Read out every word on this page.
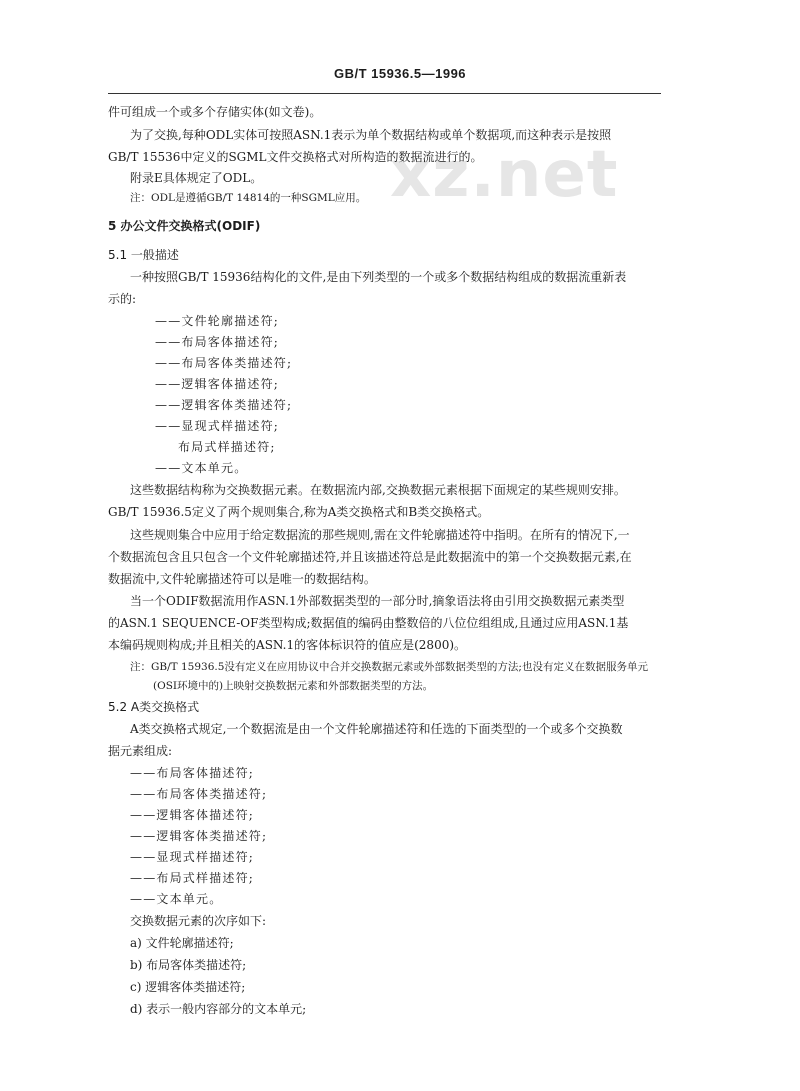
xz.net
GB/T 15936.5—1996
件可组成一个或多个存储实体(如文卷)。
为了交换,每种ODL实体可按照ASN.1表示为单个数据结构或单个数据项,而这种表示是按照
GB/T 15536中定义的SGML文件交换格式对所构造的数据流进行的。
附录E具体规定了ODL。
注：ODL是遵循GB/T 14814的一种SGML应用。
5 办公文件交换格式(ODIF)
5.1 一般描述
一种按照GB/T 15936结构化的文件,是由下列类型的一个或多个数据结构组成的数据流重新表
示的:
——文件轮廓描述符;
——布局客体描述符;
——布局客体类描述符;
——逻辑客体描述符;
——逻辑客体类描述符;
——显现式样描述符;
布局式样描述符;
——文本单元。
这些数据结构称为交换数据元素。在数据流内部,交换数据元素根据下面规定的某些规则安排。
GB/T 15936.5定义了两个规则集合,称为A类交换格式和B类交换格式。
这些规则集合中应用于给定数据流的那些规则,需在文件轮廓描述符中指明。在所有的情况下,一
个数据流包含且只包含一个文件轮廓描述符,并且该描述符总是此数据流中的第一个交换数据元素,在
数据流中,文件轮廓描述符可以是唯一的数据结构。
当一个ODIF数据流用作ASN.1外部数据类型的一部分时,摘象语法将由引用交换数据元素类型
的ASN.1 SEQUENCE-OF类型构成;数据值的编码由整数倍的八位位组组成,且通过应用ASN.1基
本编码规则构成;并且相关的ASN.1的客体标识符的值应是(2800)。
注：GB/T 15936.5没有定义在应用协议中合并交换数据元素或外部数据类型的方法;也没有定义在数据服务单元
(OSI环境中的)上映射交换数据元素和外部数据类型的方法。
5.2 A类交换格式
A类交换格式规定,一个数据流是由一个文件轮廓描述符和任选的下面类型的一个或多个交换数
据元素组成:
——布局客体描述符;
——布局客体类描述符;
——逻辑客体描述符;
——逻辑客体类描述符;
——显现式样描述符;
——布局式样描述符;
——文本单元。
交换数据元素的次序如下:
a) 文件轮廓描述符;
b) 布局客体类描述符;
c) 逻辑客体类描述符;
d) 表示一般内容部分的文本单元;
